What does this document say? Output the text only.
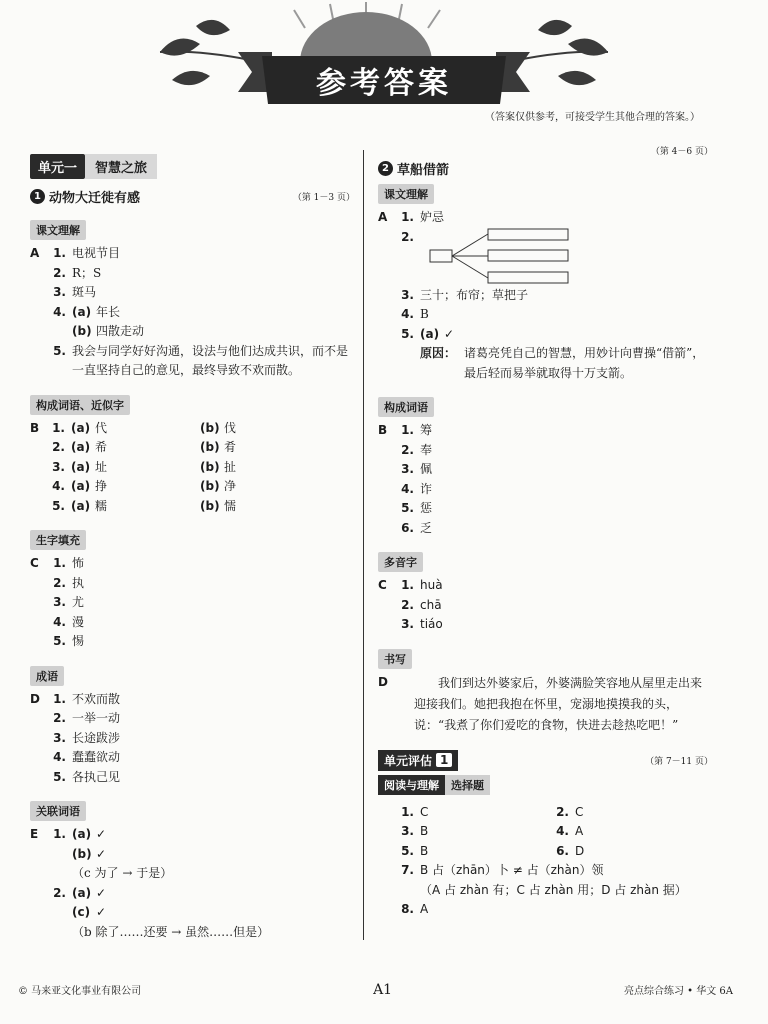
参考答案
（答案仅供参考，可接受学生其他合理的答案。）
单元一	智慧之旅
1 动物大迁徙有感	（第 1－3 页）
课文理解
A	1. 电视节目
2. R；S
3. 斑马
4. (a) 年长
(b) 四散走动
5. 我会与同学好好沟通，设法与他们达成共识，而不是一直坚持自己的意见，最终导致不欢而散。
构成词语、近似字
B	1. (a) 代	(b) 伐
2. (a) 希	(b) 肴
3. (a) 址	(b) 扯
4. (a) 挣	(b) 净
5. (a) 糯	(b) 懦
生字填充
C	1. 怖
2. 执
3. 尤
4. 漫
5. 惕
成语
D	1. 不欢而散
2. 一举一动
3. 长途跋涉
4. 蠢蠢欲动
5. 各执己见
关联词语
E	1. (a) ✓
(b) ✓
（c 为了 → 于是）
2. (a) ✓
(c) ✓
（b 除了……还要 → 虽然……但是）
（第 4－6 页）
2 草船借箭
课文理解
A	1. 妒忌
2.
3. 三十；布帘；草把子
4. B
5. (a) ✓
原因： 诸葛亮凭自己的智慧，用妙计向曹操“借箭”，最后轻而易举就取得十万支箭。
构成词语
B	1. 筹
2. 奉
3. 佩
4. 诈
5. 惩
6. 乏
多音字
C	1. huà
2. chā
3. tiáo
书写
D	我们到达外婆家后，外婆满脸笑容地从屋里走出来迎接我们。她把我抱在怀里，宠溺地摸摸我的头，说：“我煮了你们爱吃的食物，快进去趁热吃吧！”
单元评估 1	（第 7－11 页）
阅读与理解	选择题
1. C	2. C
3. B	4. A
5. B	6. D
7. B 占（zhān）卜 ≠ 占（zhàn）领
（A 占 zhàn 有；C 占 zhàn 用；D 占 zhàn 据）
8. A
© 马来亚文化事业有限公司	A1	亮点综合练习 • 华文 6A
